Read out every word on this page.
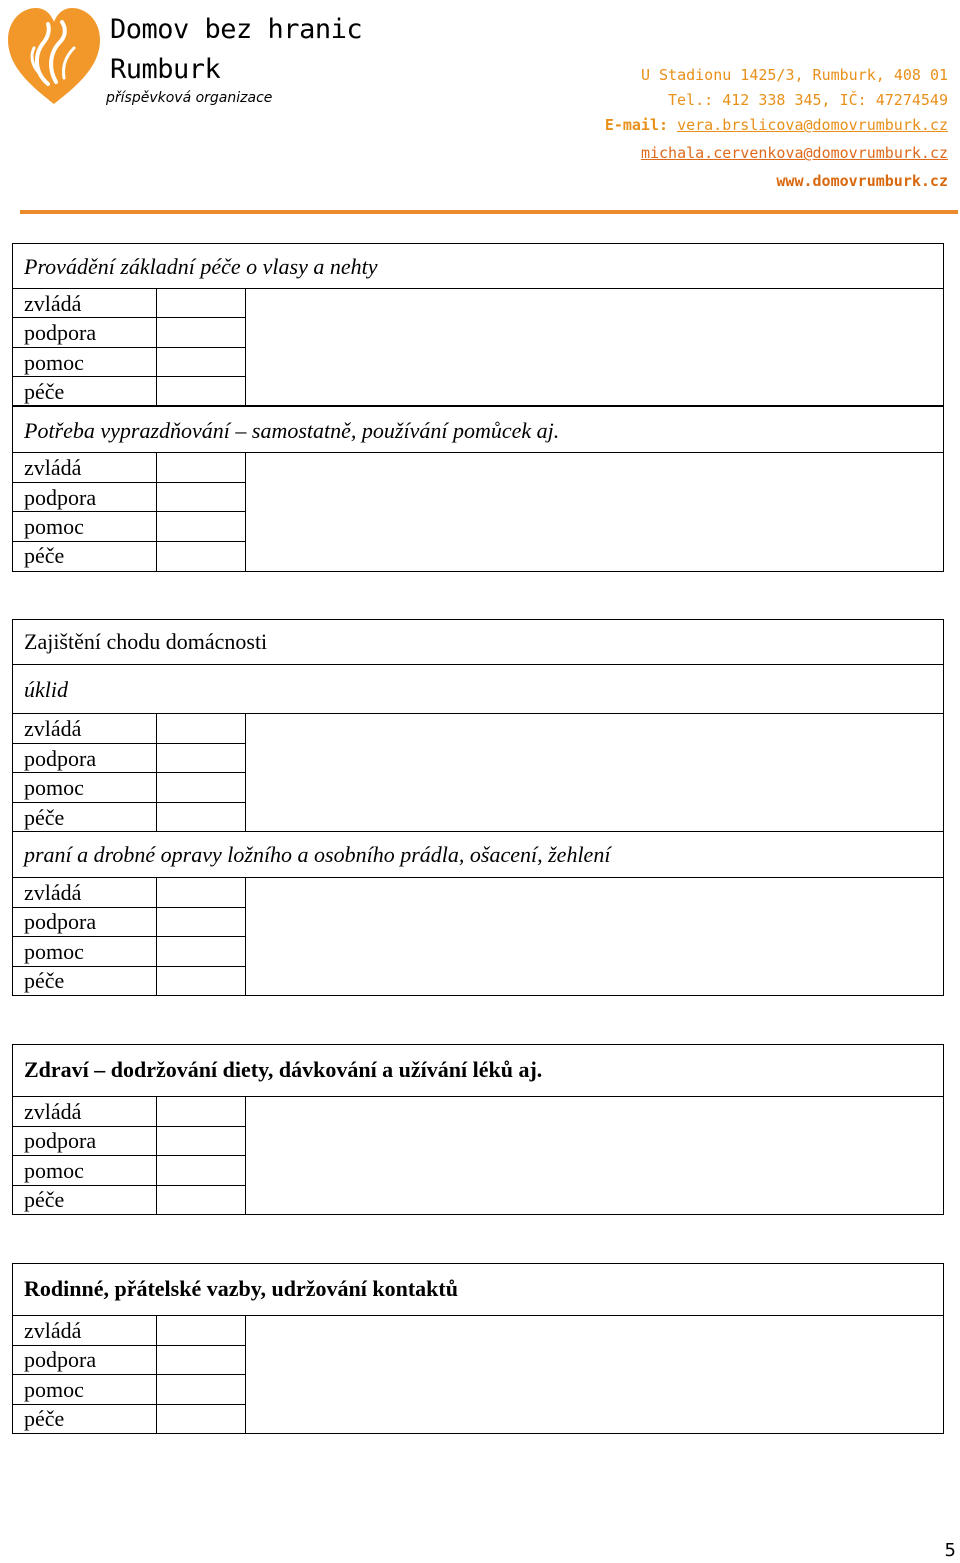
Domov bez hranic
Rumburk
příspěvková organizace
U Stadionu 1425/3, Rumburk, 408 01
Tel.: 412 338 345, IČ: 47274549
E-mail: vera.brslicova@domovrumburk.cz
michala.cervenkova@domovrumburk.cz
www.domovrumburk.cz
Provádění základní péče o vlasy a nehty
zvládá
podpora
pomoc
péče
Potřeba vyprazdňování – samostatně, používání pomůcek aj.
zvládá
podpora
pomoc
péče
Zajištění chodu domácnosti
úklid
zvládá
podpora
pomoc
péče
praní a drobné opravy ložního a osobního prádla, ošacení, žehlení
zvládá
podpora
pomoc
péče
Zdraví – dodržování diety, dávkování a užívání léků aj.
zvládá
podpora
pomoc
péče
Rodinné, přátelské vazby, udržování kontaktů
zvládá
podpora
pomoc
péče
5
